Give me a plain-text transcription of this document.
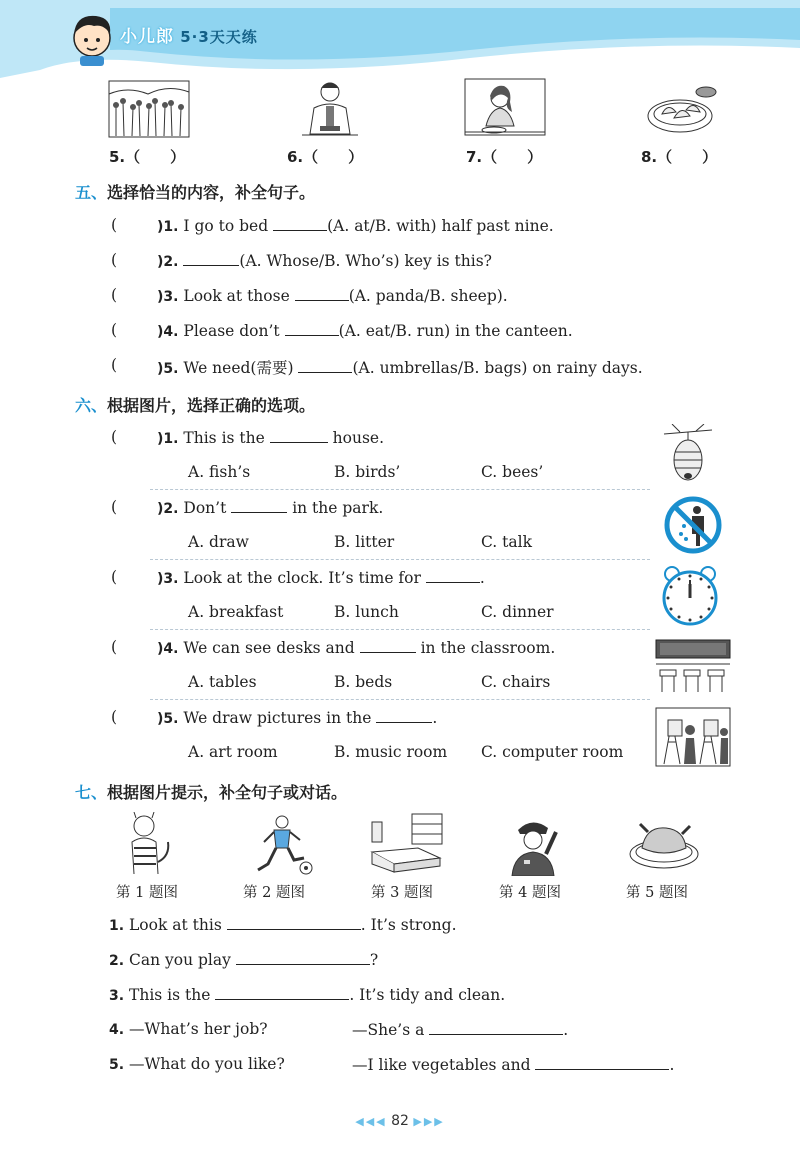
小儿郎 5·3天天练
5.（　　）	6.（　　）	7.（　　）	8.（　　）
五、选择恰当的内容，补全句子。
(	)1. I go to bed	(A. at/B. with) half past nine.
(	)2.	(A. Whose/B. Who’s) key is this?
(	)3. Look at those	(A. panda/B. sheep).
(	)4. Please don’t	(A. eat/B. run) in the canteen.
(	)5. We need(需要)	(A. umbrellas/B. bags) on rainy days.
六、根据图片，选择正确的选项。
(	)1. This is the	house.
A. fish’s	B. birds’	C. bees’
(	)2. Don’t	in the park.
A. draw	B. litter	C. talk
(	)3. Look at the clock. It’s time for	.
A. breakfast	B. lunch	C. dinner
(	)4. We can see desks and	in the classroom.
A. tables	B. beds	C. chairs
(	)5. We draw pictures in the	.
A. art room	B. music room C. computer room
七、根据图片提示，补全句子或对话。
第 1 题图	第 2 题图	第 3 题图	第 4 题图	第 5 题图
1. Look at this	. It’s strong.
2. Can you play	?
3. This is the	. It’s tidy and clean.
4. —What’s her job?	—She’s a	.
5. —What do you like?	—I like vegetables and	.
◀◀◀ 82 ▶▶▶
